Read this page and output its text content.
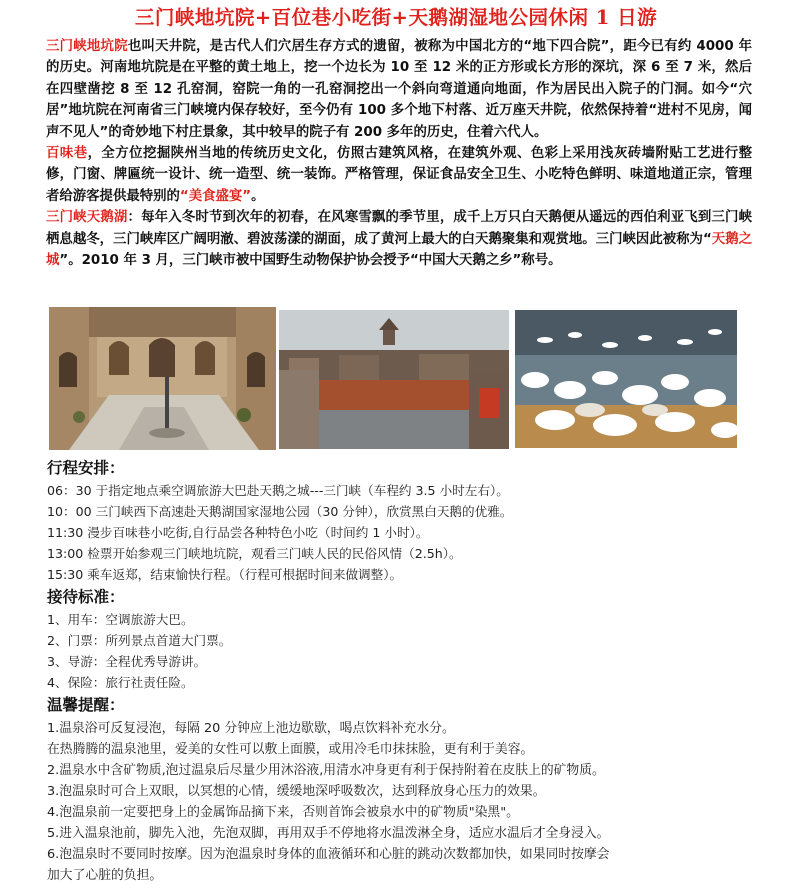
三门峡地坑院+百位巷小吃街+天鹅湖湿地公园休闲 1 日游

三门峡地坑院也叫天井院，是古代人们穴居生存方式的遗留，被称为中国北方的“地下四合院”，距今已有约 4000 年的历史。河南地坑院是在平整的黄土地上，挖一个边长为 10 至 12 米的正方形或长方形的深坑，深 6 至 7 米，然后在四壁凿挖 8 至 12 孔窑洞，窑院一角的一孔窑洞挖出一个斜向弯道通向地面，作为居民出入院子的门洞。如今“穴居”地坑院在河南省三门峡境内保存较好，至今仍有 100 多个地下村落、近万座天井院，依然保持着“进村不见房，闻声不见人”的奇妙地下村庄景象，其中较早的院子有 200 多年的历史，住着六代人。

百味巷，全方位挖掘陕州当地的传统历史文化，仿照古建筑风格，在建筑外观、色彩上采用浅灰砖墙附贴工艺进行整修，门窗、牌匾统一设计、统一造型、统一装饰。严格管理，保证食品安全卫生、小吃特色鲜明、味道地道正宗，管理者给游客提供最特别的“美食盛宴”。

三门峡天鹅湖：每年入冬时节到次年的初春，在风寒雪飘的季节里，成千上万只白天鹅便从遥远的西伯利亚飞到三门峡栖息越冬，三门峡库区广阔明澈、碧波荡漾的湖面，成了黄河上最大的白天鹅聚集和观赏地。三门峡因此被称为“天鹅之城”。2010 年 3 月，三门峡市被中国野生动物保护协会授予“中国大天鹅之乡”称号。

行程安排：
06：30 于指定地点乘空调旅游大巴赴天鹅之城---三门峡（车程约 3.5 小时左右）。
10：00 三门峡西下高速赴天鹅湖国家湿地公园（30 分钟），欣赏黑白天鹅的优雅。
11:30 漫步百味巷小吃街,自行品尝各种特色小吃（时间约 1 小时）。
13:00 检票开始参观三门峡地坑院，观看三门峡人民的民俗风情（2.5h）。
15:30 乘车返郑，结束愉快行程。（行程可根据时间来做调整）。
接待标准：
1、用车：空调旅游大巴。
2、门票：所列景点首道大门票。
3、导游：全程优秀导游讲。
4、保险：旅行社责任险。
温馨提醒：
1.温泉浴可反复浸泡，每隔 20 分钟应上池边歇歇，喝点饮料补充水分。
在热腾腾的温泉池里，爱美的女性可以敷上面膜，或用冷毛巾抹抹脸，更有利于美容。
2.温泉水中含矿物质,泡过温泉后尽量少用沐浴液,用清水冲身更有利于保持附着在皮肤上的矿物质。
3.泡温泉时可合上双眼，以冥想的心情，缓缓地深呼吸数次，达到释放身心压力的效果。
4.泡温泉前一定要把身上的金属饰品摘下来，否则首饰会被泉水中的矿物质"染黑"。
5.进入温泉池前，脚先入池，先泡双脚，再用双手不停地将水温泼淋全身，适应水温后才全身浸入。
6.泡温泉时不要同时按摩。因为泡温泉时身体的血液循环和心脏的跳动次数都加快，如果同时按摩会
加大了心脏的负担。
